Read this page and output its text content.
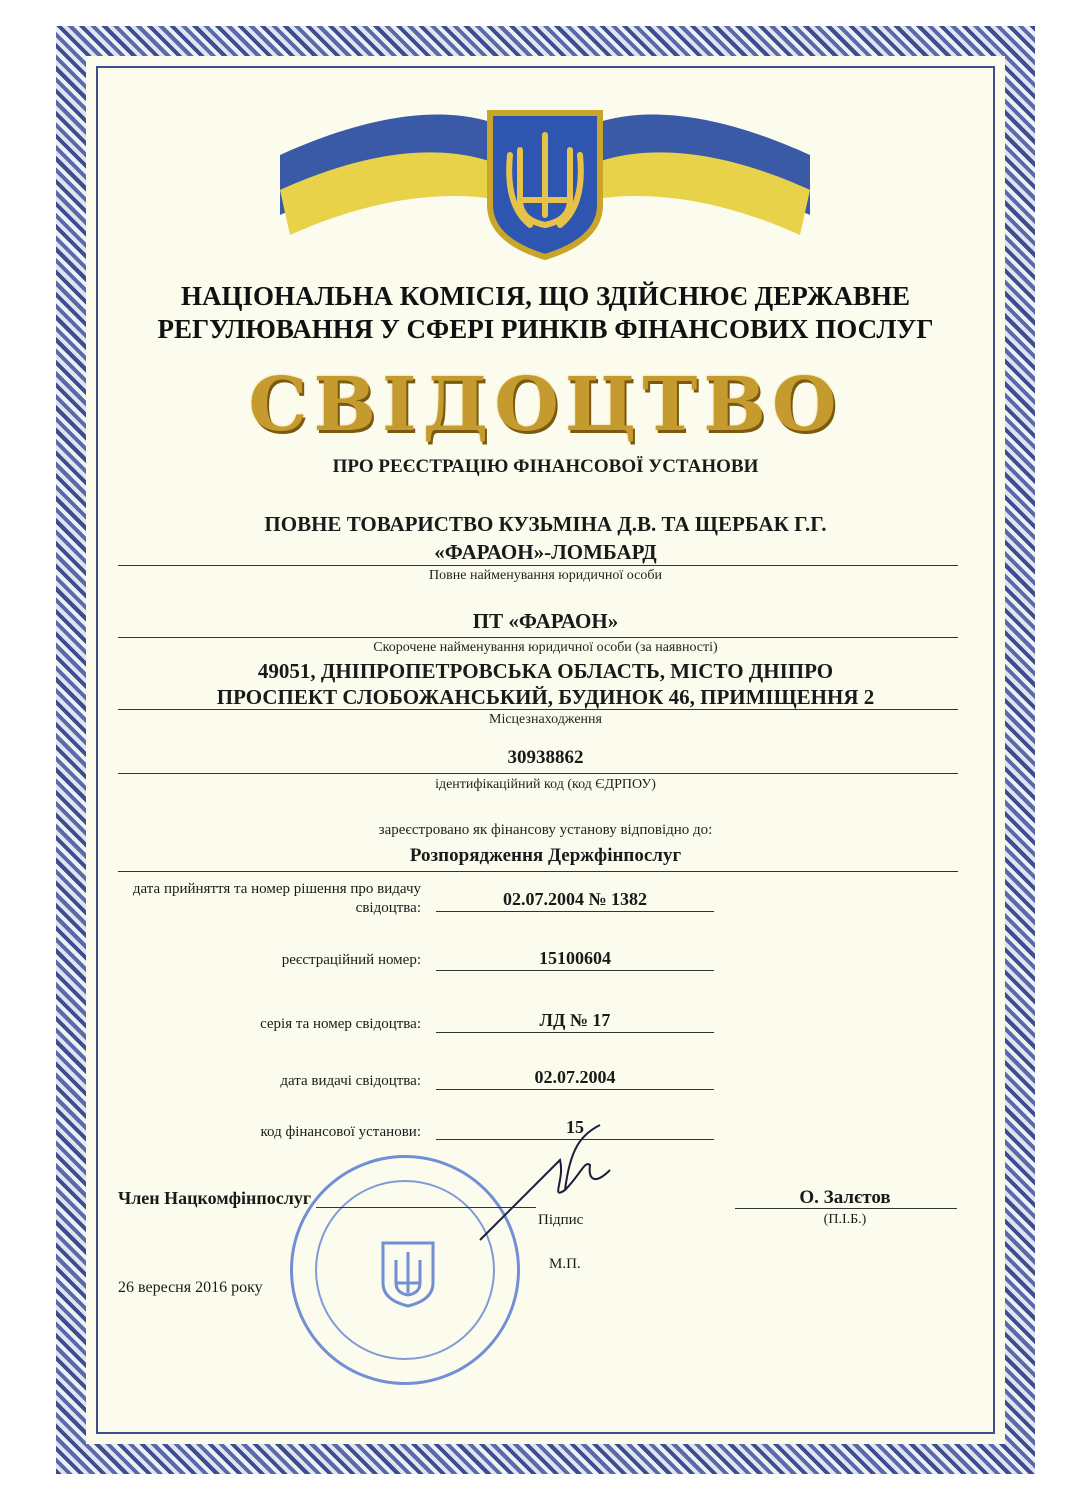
НАЦІОНАЛЬНА КОМІСІЯ, ЩО ЗДІЙСНЮЄ ДЕРЖАВНЕ
РЕГУЛЮВАННЯ У СФЕРІ РИНКІВ ФІНАНСОВИХ ПОСЛУГ
СВІДОЦТВО
ПРО РЕЄСТРАЦІЮ ФІНАНСОВОЇ УСТАНОВИ
ПОВНЕ ТОВАРИСТВО КУЗЬМІНА Д.В. ТА ЩЕРБАК Г.Г.
«ФАРАОН»-ЛОМБАРД
Повне найменування юридичної особи
ПТ «ФАРАОН»
Скорочене найменування юридичної особи (за наявності)
49051, ДНІПРОПЕТРОВСЬКА ОБЛАСТЬ, МІСТО ДНІПРО
ПРОСПЕКТ СЛОБОЖАНСЬКИЙ, БУДИНОК 46, ПРИМІЩЕННЯ 2
Місцезнаходження
30938862
ідентифікаційний код (код ЄДРПОУ)
зареєстровано як фінансову установу відповідно до:
Розпорядження Держфінпослуг
дата прийняття та номер рішення про видачу
свідоцтва:	02.07.2004 № 1382
реєстраційний номер:	15100604
серія та номер свідоцтва:	ЛД № 17
дата видачі свідоцтва:	02.07.2004
код фінансової установи:	15
Член Нацкомфінпослуг
Підпис
М.П.
О. Залєтов
(П.І.Б.)
26 вересня 2016 року
